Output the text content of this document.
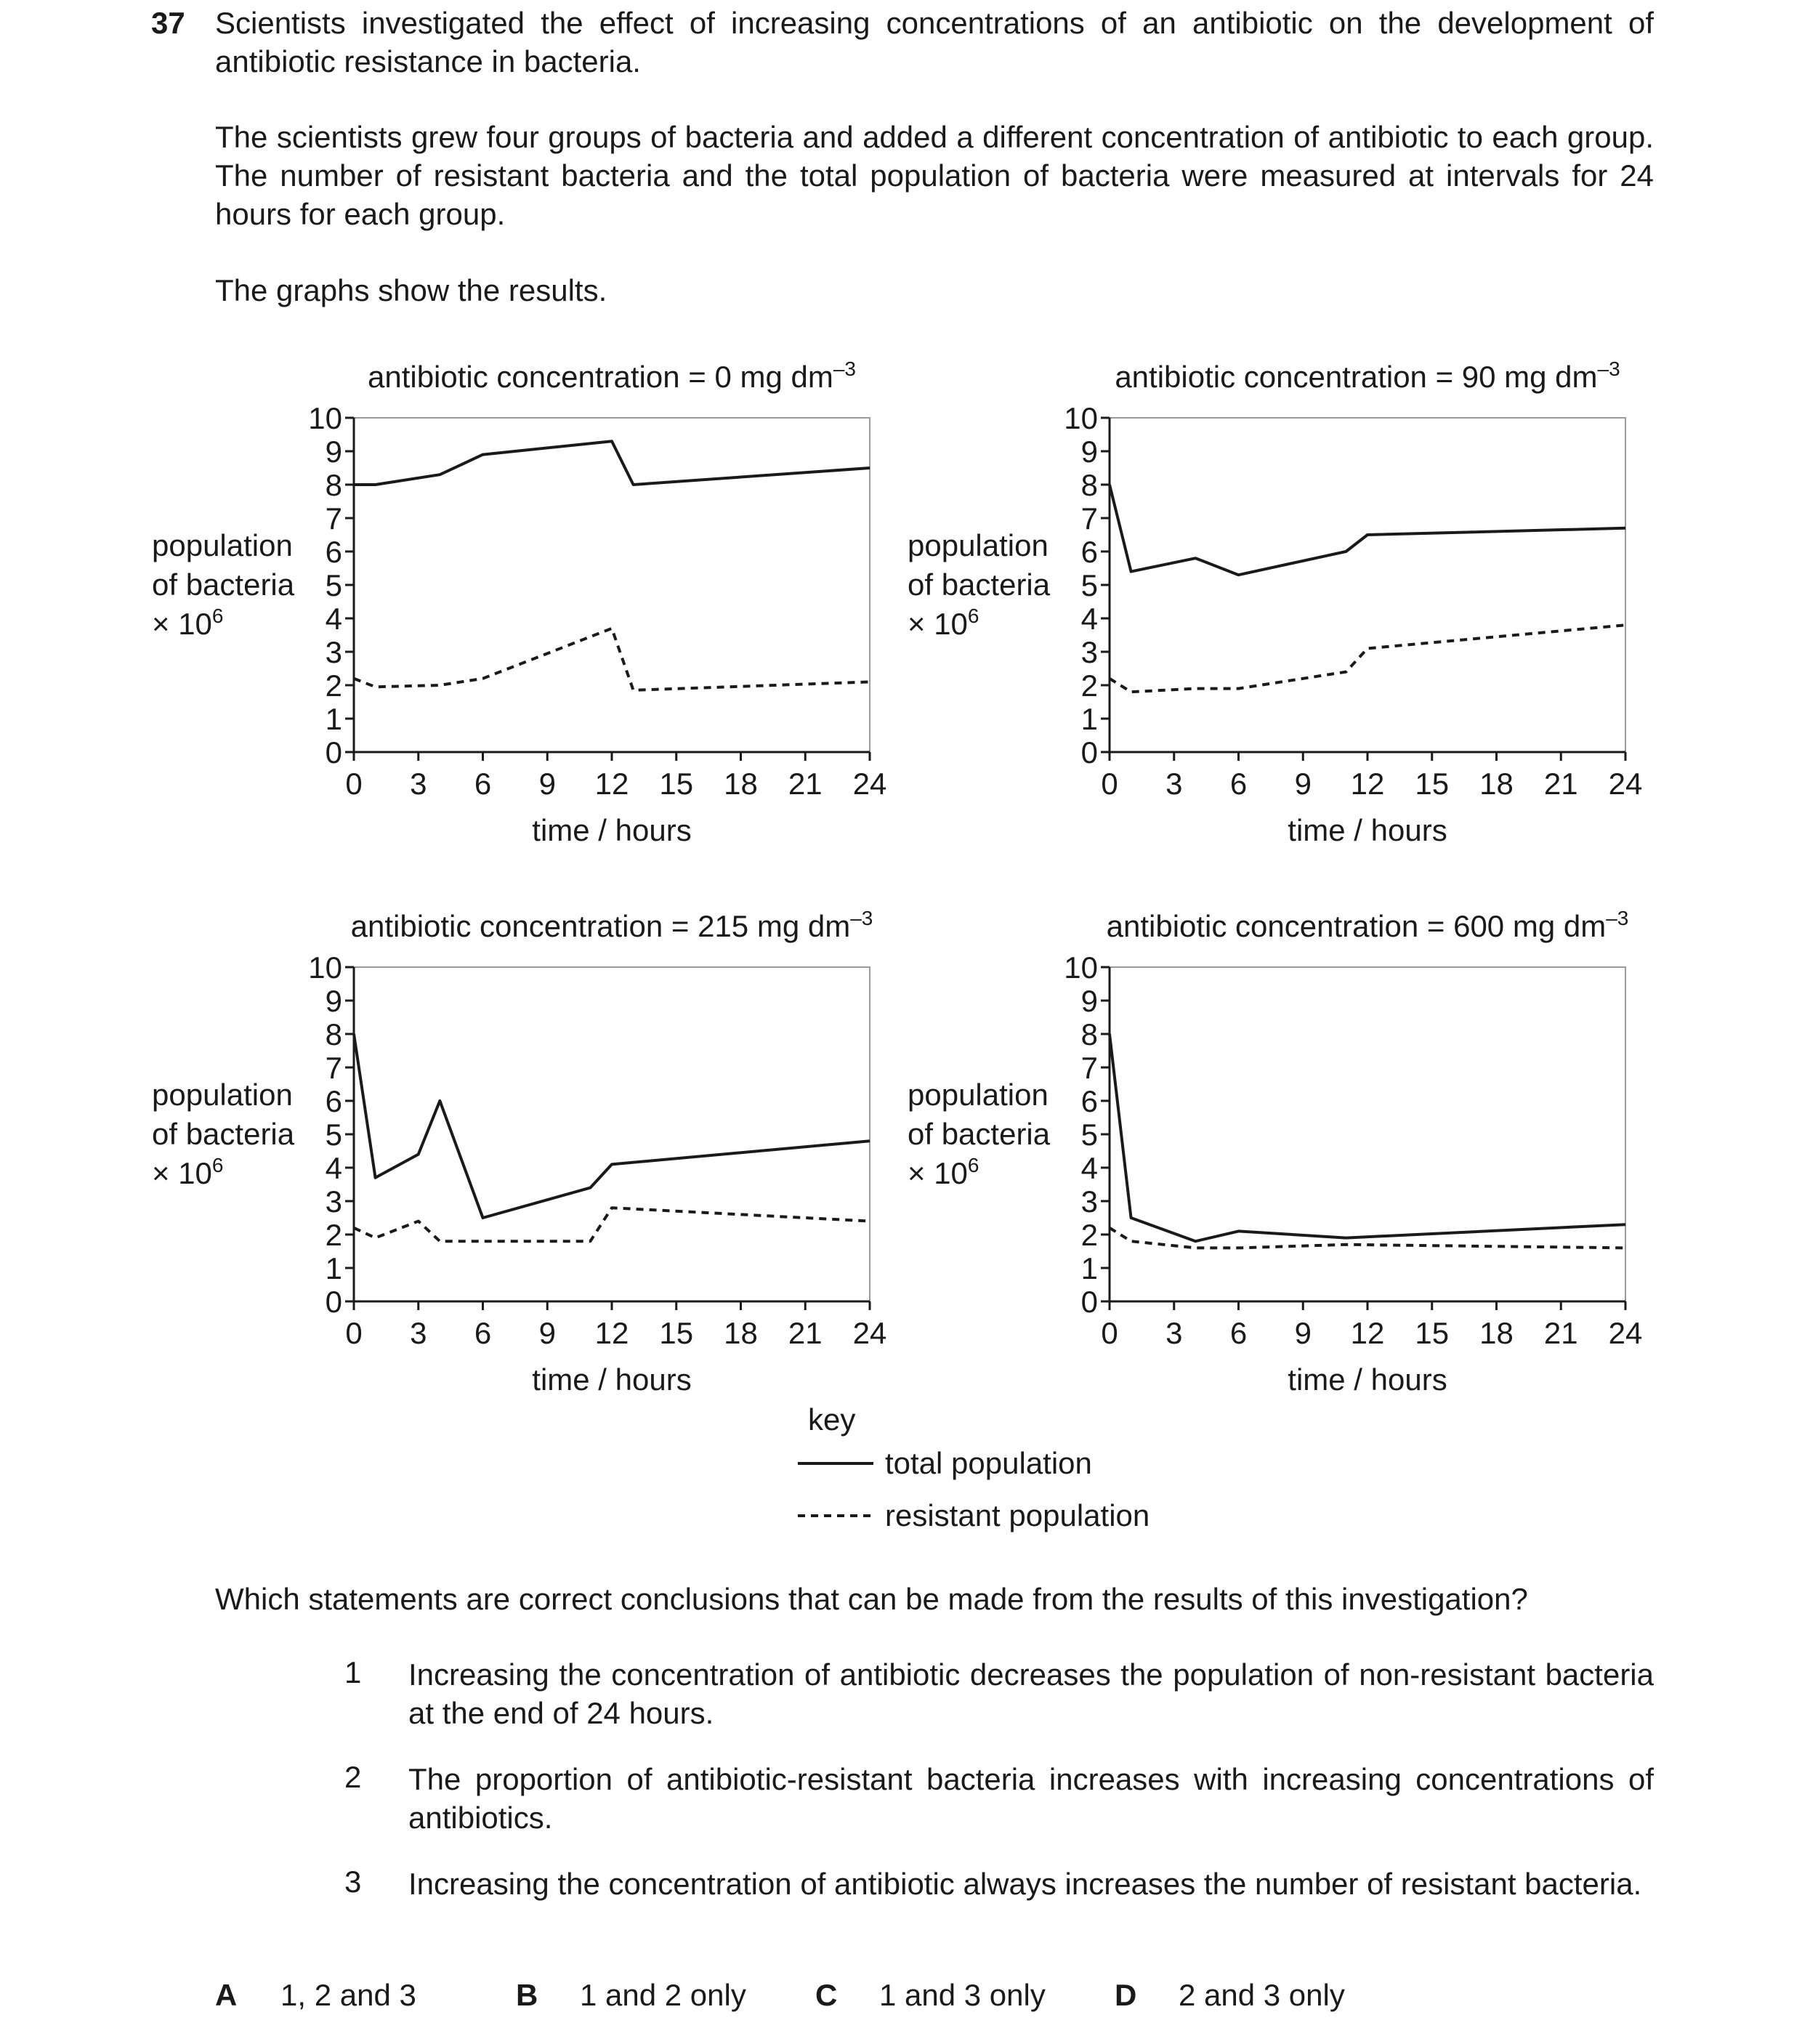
37 Scientists investigated the effect of increasing concentrations of an antibiotic on the development of antibiotic resistance in bacteria.
The scientists grew four groups of bacteria and added a different concentration of antibiotic to each group. The number of resistant bacteria and the total population of bacteria were measured at intervals for 24 hours for each group.
The graphs show the results.
antibiotic concentration = 0 mg $dm^{-3}$
0
1
2
3
4
5
6
7
8
9
10
0 3 6 9 12 15 18 21 24
time / hours
population
of bacteria
× $10^6$
antibiotic concentration = 90 mg $dm^{-3}$
0
1
2
3
4
5
6
7
8
9
10
0 3 6 9 12 15 18 21 24
time / hours
population
of bacteria
× $10^6$
antibiotic concentration = 215 mg $dm^{-3}$
0
1
2
3
4
5
6
7
8
9
10
0 3 6 9 12 15 18 21 24
time / hours
population
of bacteria
× $10^6$
antibiotic concentration = 600 mg $dm^{-3}$
0
1
2
3
4
5
6
7
8
9
10
0 3 6 9 12 15 18 21 24
time / hours
population
of bacteria
× $10^6$
key
total population
resistant population
Which statements are correct conclusions that can be made from the results of this investigation?
1 Increasing the concentration of antibiotic decreases the population of non-resistant bacteria at the end of 24 hours.
2 The proportion of antibiotic-resistant bacteria increases with increasing concentrations of antibiotics.
3 Increasing the concentration of antibiotic always increases the number of resistant bacteria.
A 1, 2 and 3	B 1 and 2 only C 1 and 3 only D 2 and 3 only
